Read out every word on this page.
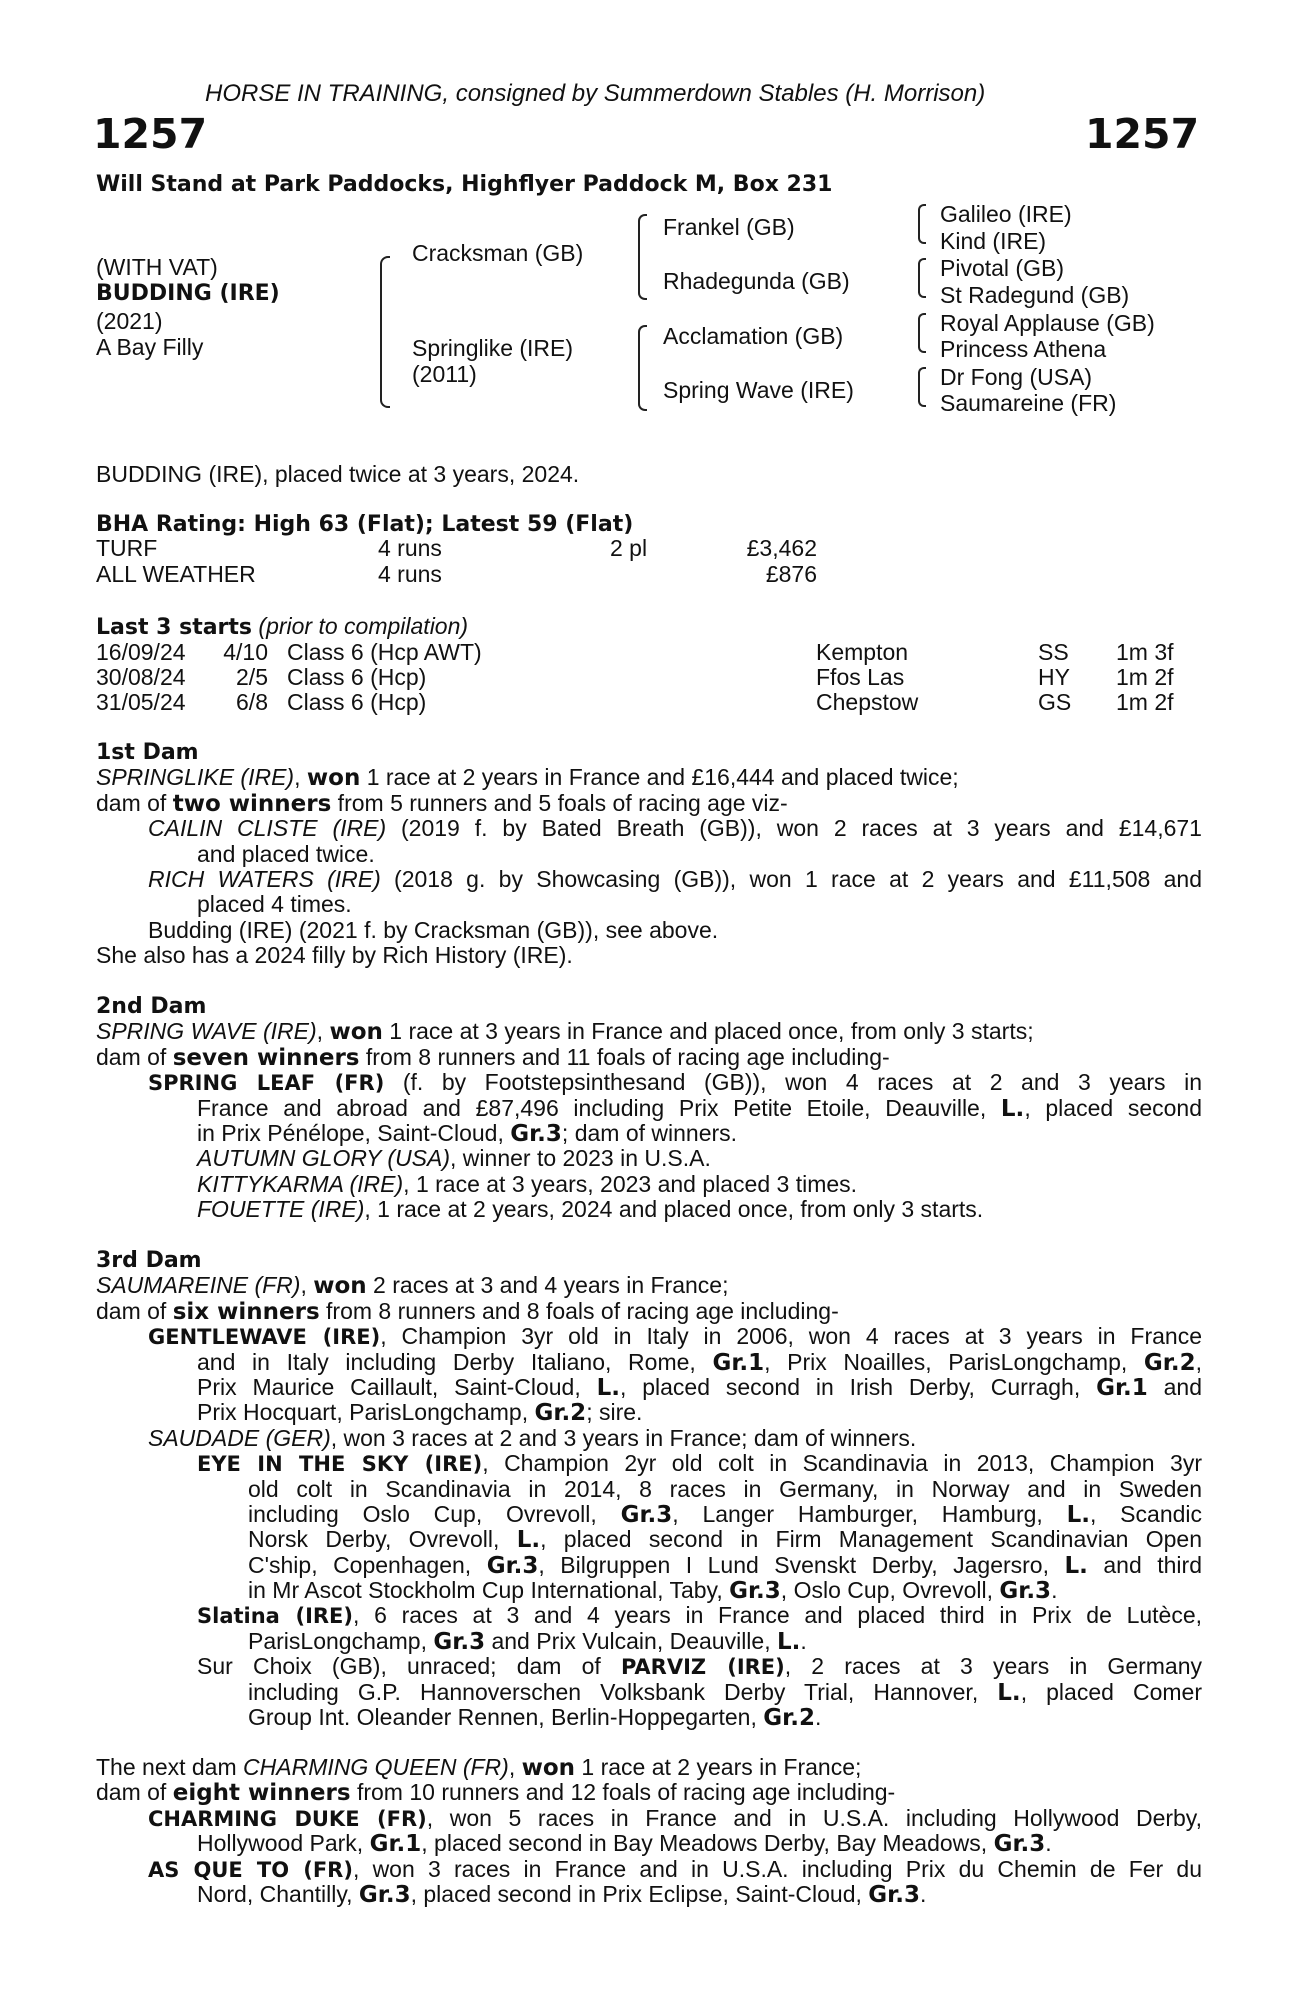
HORSE IN TRAINING, consigned by Summerdown Stables (H. Morrison)
1257	1257
Will Stand at Park Paddocks, Highflyer Paddock M, Box 231
(WITH VAT)
BUDDING (IRE)
(2021)
A Bay Filly
Cracksman (GB)
Springlike (IRE)
(2011)
Frankel (GB)
Rhadegunda (GB)
Acclamation (GB)
Spring Wave (IRE)
Galileo (IRE)
Kind (IRE)
Pivotal (GB)
St Radegund (GB)
Royal Applause (GB)
Princess Athena
Dr Fong (USA)
Saumareine (FR)
BUDDING (IRE), placed twice at 3 years, 2024.
BHA Rating: High 63 (Flat); Latest 59 (Flat)
TURF	4 runs	2 pl	£3,462
ALL WEATHER	4 runs	£876
Last 3 starts (prior to compilation)
16/09/24 4/10 Class 6 (Hcp AWT)	Kempton	SS 1m 3f
30/08/24 2/5 Class 6 (Hcp)	Ffos Las	HY 1m 2f
31/05/24 6/8 Class 6 (Hcp)	Chepstow	GS 1m 2f
1st Dam
SPRINGLIKE (IRE), won 1 race at 2 years in France and £16,444 and placed twice;
dam of two winners from 5 runners and 5 foals of racing age viz-
CAILIN CLISTE (IRE) (2019 f. by Bated Breath (GB)), won 2 races at 3 years and £14,671
and placed twice.
RICH WATERS (IRE) (2018 g. by Showcasing (GB)), won 1 race at 2 years and £11,508 and
placed 4 times.
Budding (IRE) (2021 f. by Cracksman (GB)), see above.
She also has a 2024 filly by Rich History (IRE).
2nd Dam
SPRING WAVE (IRE), won 1 race at 3 years in France and placed once, from only 3 starts;
dam of seven winners from 8 runners and 11 foals of racing age including-
SPRING LEAF (FR) (f. by Footstepsinthesand (GB)), won 4 races at 2 and 3 years in
France and abroad and £87,496 including Prix Petite Etoile, Deauville, L., placed second
in Prix Pénélope, Saint-Cloud, Gr.3; dam of winners.
AUTUMN GLORY (USA), winner to 2023 in U.S.A.
KITTYKARMA (IRE), 1 race at 3 years, 2023 and placed 3 times.
FOUETTE (IRE), 1 race at 2 years, 2024 and placed once, from only 3 starts.
3rd Dam
SAUMAREINE (FR), won 2 races at 3 and 4 years in France;
dam of six winners from 8 runners and 8 foals of racing age including-
GENTLEWAVE (IRE), Champion 3yr old in Italy in 2006, won 4 races at 3 years in France
and in Italy including Derby Italiano, Rome, Gr.1, Prix Noailles, ParisLongchamp, Gr.2,
Prix Maurice Caillault, Saint-Cloud, L., placed second in Irish Derby, Curragh, Gr.1 and
Prix Hocquart, ParisLongchamp, Gr.2; sire.
SAUDADE (GER), won 3 races at 2 and 3 years in France; dam of winners.
EYE IN THE SKY (IRE), Champion 2yr old colt in Scandinavia in 2013, Champion 3yr
old colt in Scandinavia in 2014, 8 races in Germany, in Norway and in Sweden
including Oslo Cup, Ovrevoll, Gr.3, Langer Hamburger, Hamburg, L., Scandic
Norsk Derby, Ovrevoll, L., placed second in Firm Management Scandinavian Open
C'ship, Copenhagen, Gr.3, Bilgruppen I Lund Svenskt Derby, Jagersro, L. and third
in Mr Ascot Stockholm Cup International, Taby, Gr.3, Oslo Cup, Ovrevoll, Gr.3.
Slatina (IRE), 6 races at 3 and 4 years in France and placed third in Prix de Lutèce,
ParisLongchamp, Gr.3 and Prix Vulcain, Deauville, L..
Sur Choix (GB), unraced; dam of PARVIZ (IRE), 2 races at 3 years in Germany
including G.P. Hannoverschen Volksbank Derby Trial, Hannover, L., placed Comer
Group Int. Oleander Rennen, Berlin-Hoppegarten, Gr.2.
The next dam CHARMING QUEEN (FR), won 1 race at 2 years in France;
dam of eight winners from 10 runners and 12 foals of racing age including-
CHARMING DUKE (FR), won 5 races in France and in U.S.A. including Hollywood Derby,
Hollywood Park, Gr.1, placed second in Bay Meadows Derby, Bay Meadows, Gr.3.
AS QUE TO (FR), won 3 races in France and in U.S.A. including Prix du Chemin de Fer du
Nord, Chantilly, Gr.3, placed second in Prix Eclipse, Saint-Cloud, Gr.3.
